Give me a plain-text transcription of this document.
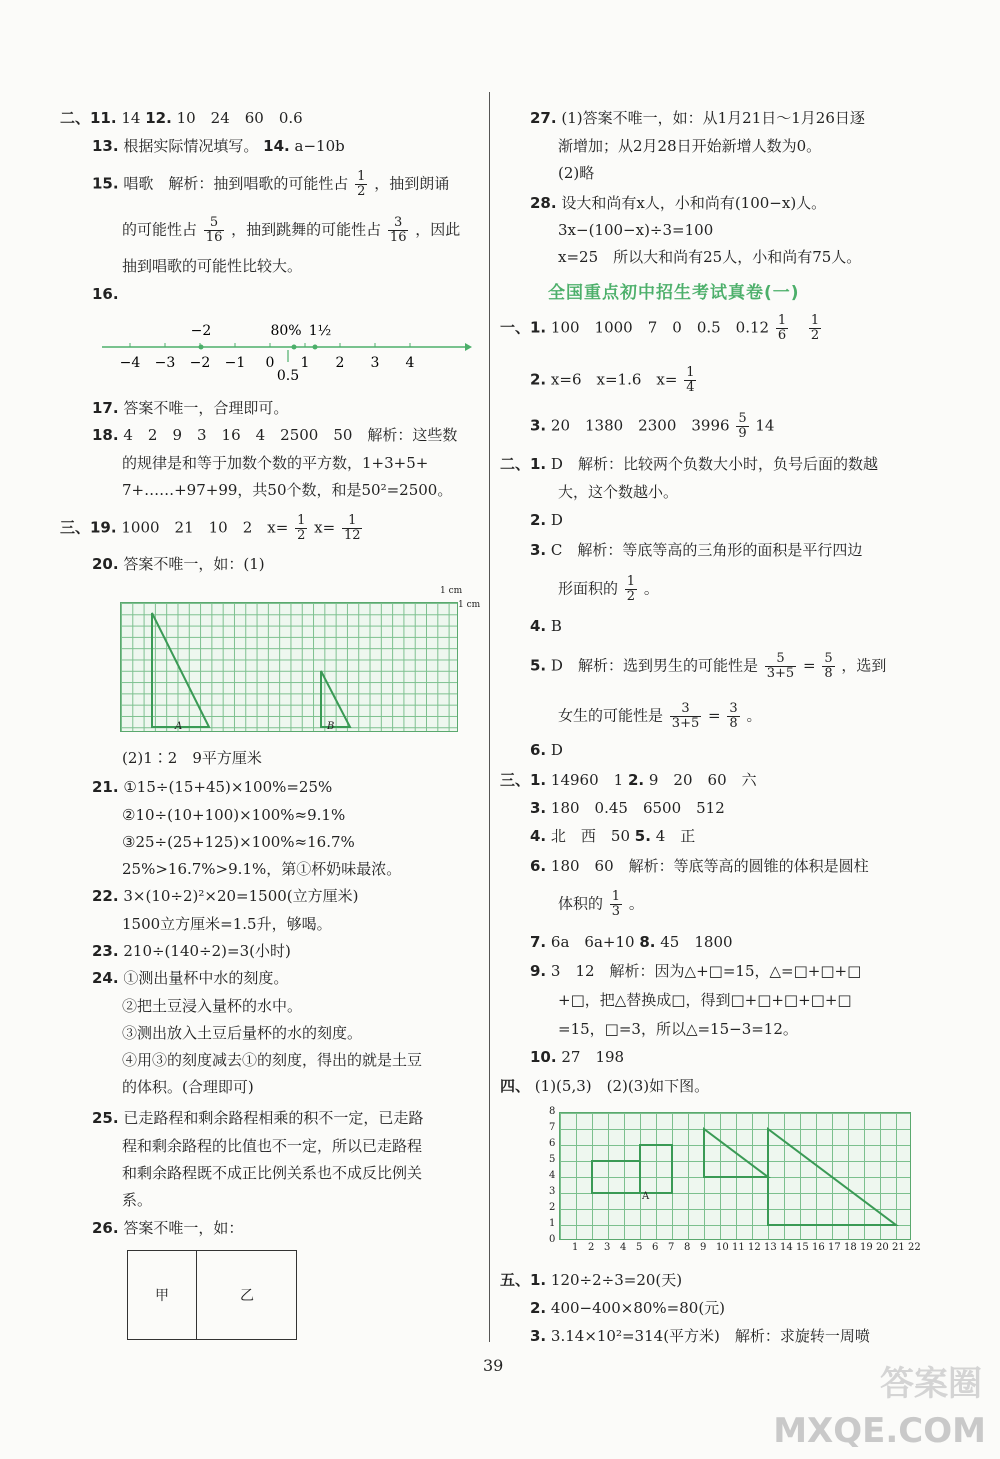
二、11. 14 12. 10　24　60　0.6
13. 根据实际情况填写。 14. a−10b
15. 唱歌　解析：抽到唱歌的可能性占 $\frac{1}{2}$ ，抽到朗诵
的可能性占 $\frac{5}{16}$ ，抽到跳舞的可能性占 $\frac{3}{16}$ ，因此
抽到唱歌的可能性比较大。
16.
−4 −3 −2 −1 0 1 2 3 4
−2	80% 1½
0.5
17. 答案不唯一，合理即可。
18. 4　2　9　3　16　4　2500　50　解析：这些数
的规律是和等于加数个数的平方数，1+3+5+
7+……+97+99，共50个数，和是50²=2500。
三、19. 1000　21　10　2　$x= \frac{1}{2} x= \frac{1}{12}$
20. 答案不唯一，如：(1)
1 cm
1 cm
A	B
(2)1∶2　9平方厘米
21. ①15÷(15+45)×100%=25%
②10÷(10+100)×100%≈9.1%
③25÷(25+125)×100%≈16.7%
25%>16.7%>9.1%，第①杯奶味最浓。
22. 3×(10÷2)²×20=1500(立方厘米)
1500立方厘米=1.5升，够喝。
23. 210÷(140÷2)=3(小时)
24. ①测出量杯中水的刻度。
②把土豆浸入量杯的水中。
③测出放入土豆后量杯的水的刻度。
④用③的刻度减去①的刻度，得出的就是土豆
的体积。(合理即可)
25. 已走路程和剩余路程相乘的积不一定，已走路
程和剩余路程的比值也不一定，所以已走路程
和剩余路程既不成正比例关系也不成反比例关
系。
26. 答案不唯一，如：
甲	乙
27. (1)答案不唯一，如：从1月21日～1月26日逐
渐增加；从2月28日开始新增人数为0。
(2)略
28. 设大和尚有x人，小和尚有(100−x)人。
3x−(100−x)÷3=100
x=25　所以大和尚有25人，小和尚有75人。
全国重点初中招生考试真卷(一)
一、1. 100　1000　7　0　0.5　$0.12 \frac{1}{6}$
$\frac{1}{2}$
2. x=6　x=1.6　$x= \frac{1}{4}$
3. 20　1380　2300　$3996 \frac{5}{9} 14$
二、1. D　解析：比较两个负数大小时，负号后面的数越
大，这个数越小。
2. D
3. C　解析：等底等高的三角形的面积是平行四边
形面积的 $\frac{1}{2}$ 。
4. B
5. D　解析：选到男生的可能性是 $\frac{5}{3+5} = \frac{5}{8}$ ，选到
女生的可能性是 $\frac{3}{3+5} = \frac{3}{8}$ 。
6. D
三、1. 14960　1 2. 9　20　60　六
3. 180　0.45　6500　512
4. 北　西　50 5. 4　正
6. 180　60　解析：等底等高的圆锥的体积是圆柱
体积的 $\frac{1}{3}$ 。
7. 6a　6a+10 8. 45　1800
9. 3　12　解析：因为△+□=15，△=□+□+□
+□，把△替换成□，得到□+□+□+□+□
=15，□=3，所以△=15−3=12。
10. 27　198
四、 (1)(5,3)　(2)(3)如下图。
8
7
6
5
4
3
2
1
0
A
1 2 3 4 5 6 7 8 9 10 11 12 13 14 15 16 17 18 19 20 21 22
五、1. 120÷2÷3=20(天)
2. 400−400×80%=80(元)
3. 3.14×10²=314(平方米)　解析：求旋转一周喷
39	答案圈
MXQE.COM
